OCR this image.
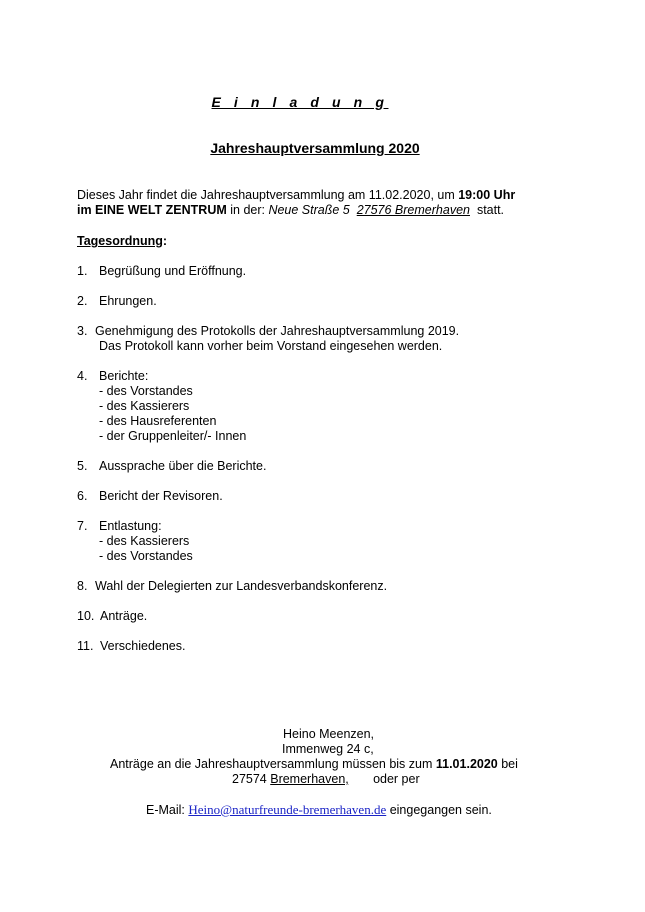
E i n l a d u n g
Jahreshauptversammlung 2020
Dieses Jahr findet die Jahreshauptversammlung am 11.02.2020, um 19:00 Uhr
im EINE WELT ZENTRUM in der: Neue Straße 5 27576 Bremerhaven statt.
Tagesordnung:
1. Begrüßung und Eröffnung.
2. Ehrungen.
3. Genehmigung des Protokolls der Jahreshauptversammlung 2019.
Das Protokoll kann vorher beim Vorstand eingesehen werden.
4. Berichte:
- des Vorstandes
- des Kassierers
- des Hausreferenten
- der Gruppenleiter/- Innen
5. Aussprache über die Berichte.
6. Bericht der Revisoren.
7. Entlastung:
- des Kassierers
- des Vorstandes
8. Wahl der Delegierten zur Landesverbandskonferenz.
10. Anträge.
11. Verschiedenes.
Heino Meenzen,
Immenweg 24 c,
Anträge an die Jahreshauptversammlung müssen bis zum 11.01.2020 bei
27574 Bremerhaven, oder per
E-Mail: Heino@naturfreunde-bremerhaven.de eingegangen sein.
